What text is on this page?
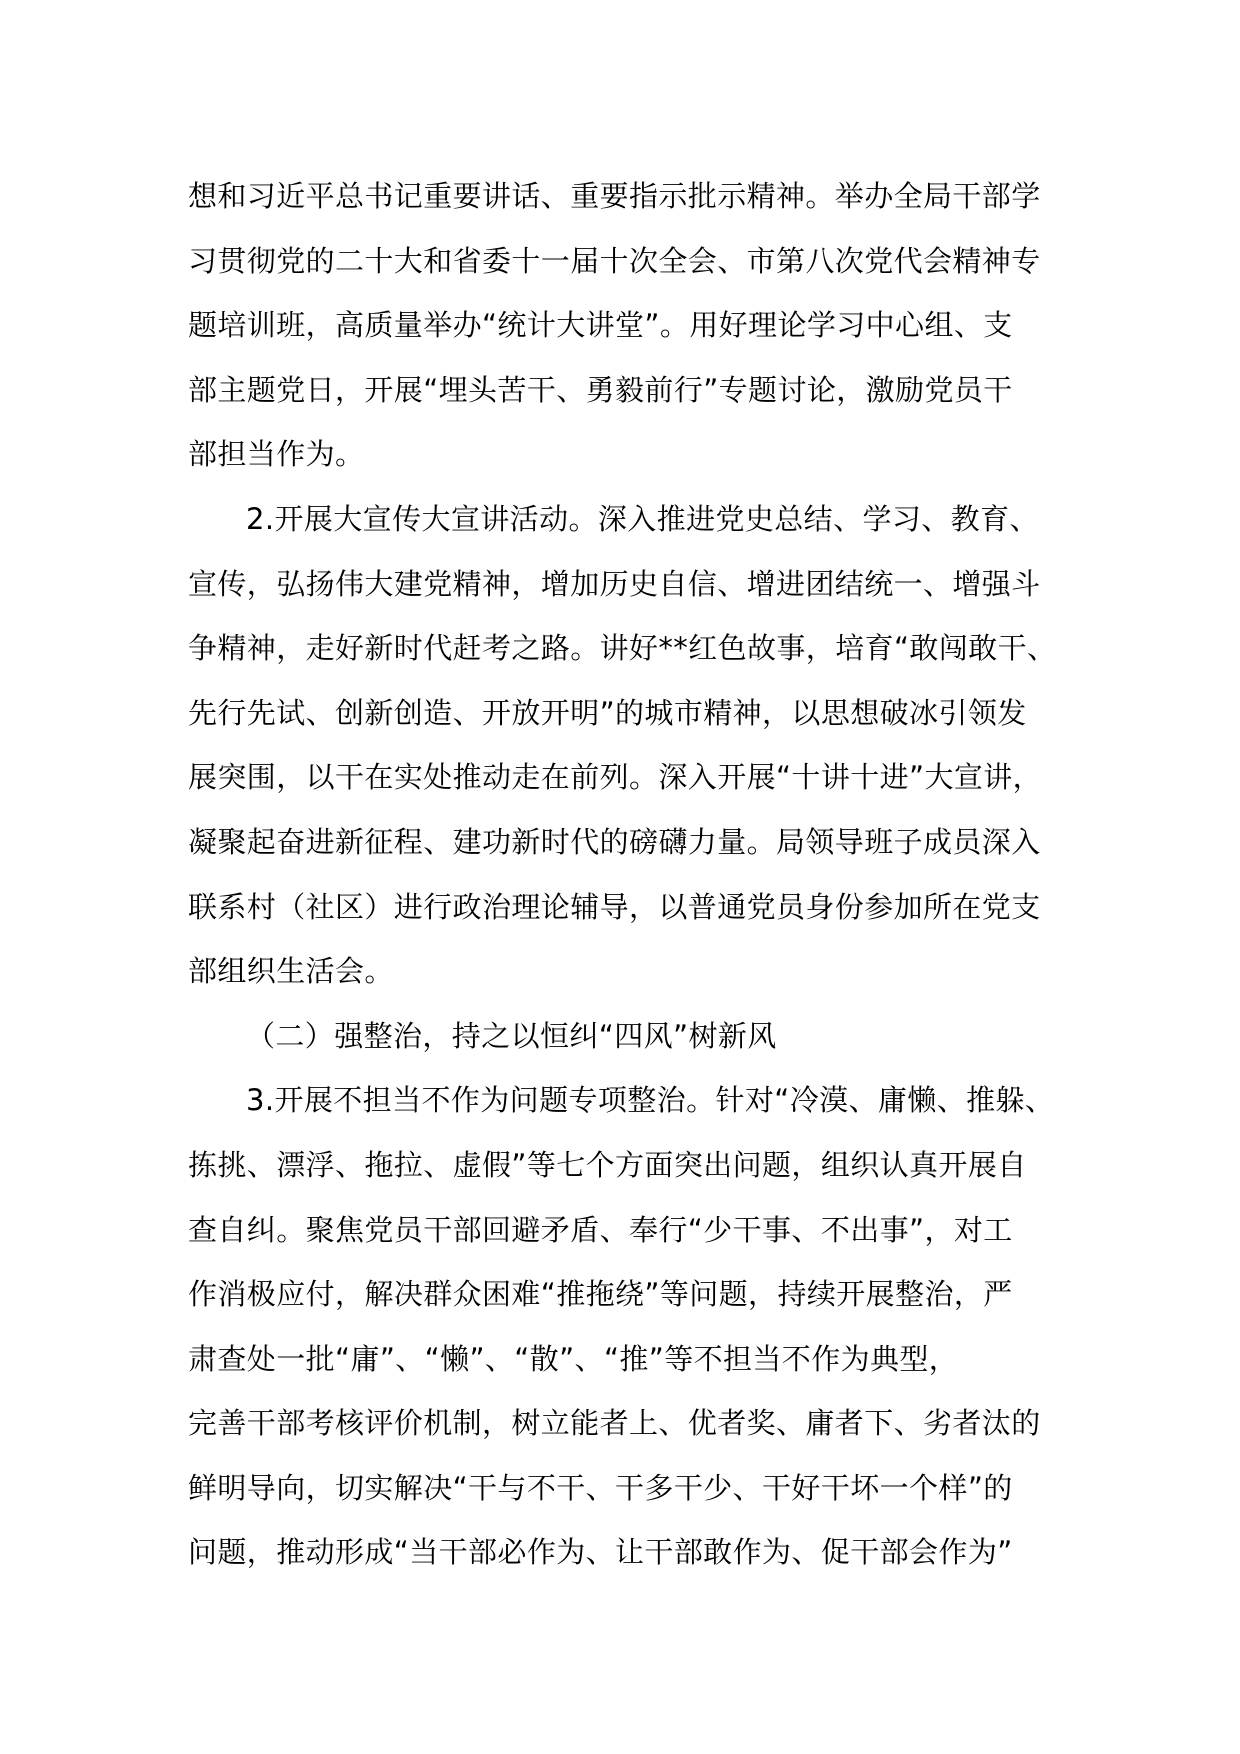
想和习近平总书记重要讲话、重要指示批示精神。举办全局干部学
习贯彻党的二十大和省委十一届十次全会、市第八次党代会精神专
题培训班，高质量举办“统计大讲堂”。用好理论学习中心组、支
部主题党日，开展“埋头苦干、勇毅前行”专题讨论，激励党员干
部担当作为。
2.开展大宣传大宣讲活动。深入推进党史总结、学习、教育、
宣传，弘扬伟大建党精神，增加历史自信、增进团结统一、增强斗
争精神，走好新时代赶考之路。讲好**红色故事，培育“敢闯敢干、
先行先试、创新创造、开放开明”的城市精神，以思想破冰引领发
展突围，以干在实处推动走在前列。深入开展“十讲十进”大宣讲，
凝聚起奋进新征程、建功新时代的磅礴力量。局领导班子成员深入
联系村（社区）进行政治理论辅导，以普通党员身份参加所在党支
部组织生活会。
（二）强整治，持之以恒纠“四风”树新风
3.开展不担当不作为问题专项整治。针对“冷漠、庸懒、推躲、
拣挑、漂浮、拖拉、虚假”等七个方面突出问题，组织认真开展自
查自纠。聚焦党员干部回避矛盾、奉行“少干事、不出事”，对工
作消极应付，解决群众困难“推拖绕”等问题，持续开展整治，严
肃查处一批“庸”、“懒”、“散”、“推”等不担当不作为典型，
完善干部考核评价机制，树立能者上、优者奖、庸者下、劣者汰的
鲜明导向，切实解决“干与不干、干多干少、干好干坏一个样”的
问题，推动形成“当干部必作为、让干部敢作为、促干部会作为”
